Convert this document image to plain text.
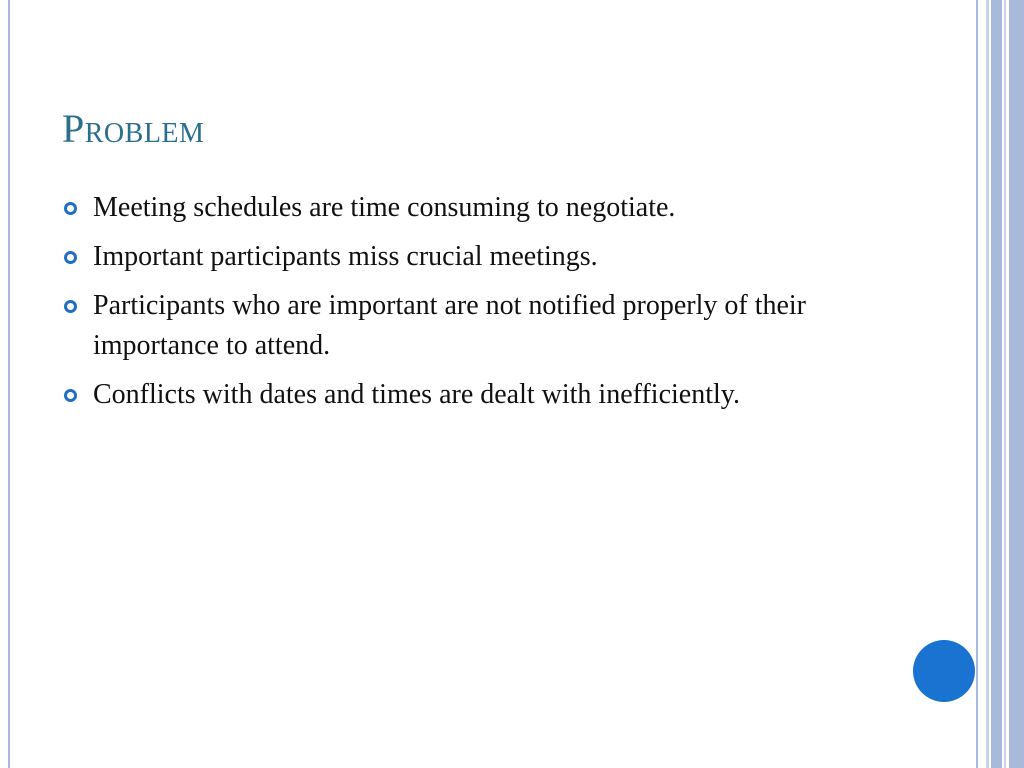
Problem
Meeting schedules are time consuming to negotiate.
Important participants miss crucial meetings.
Participants who are important are not notified properly of their importance to attend.
Conflicts with dates and times are dealt with inefficiently.
